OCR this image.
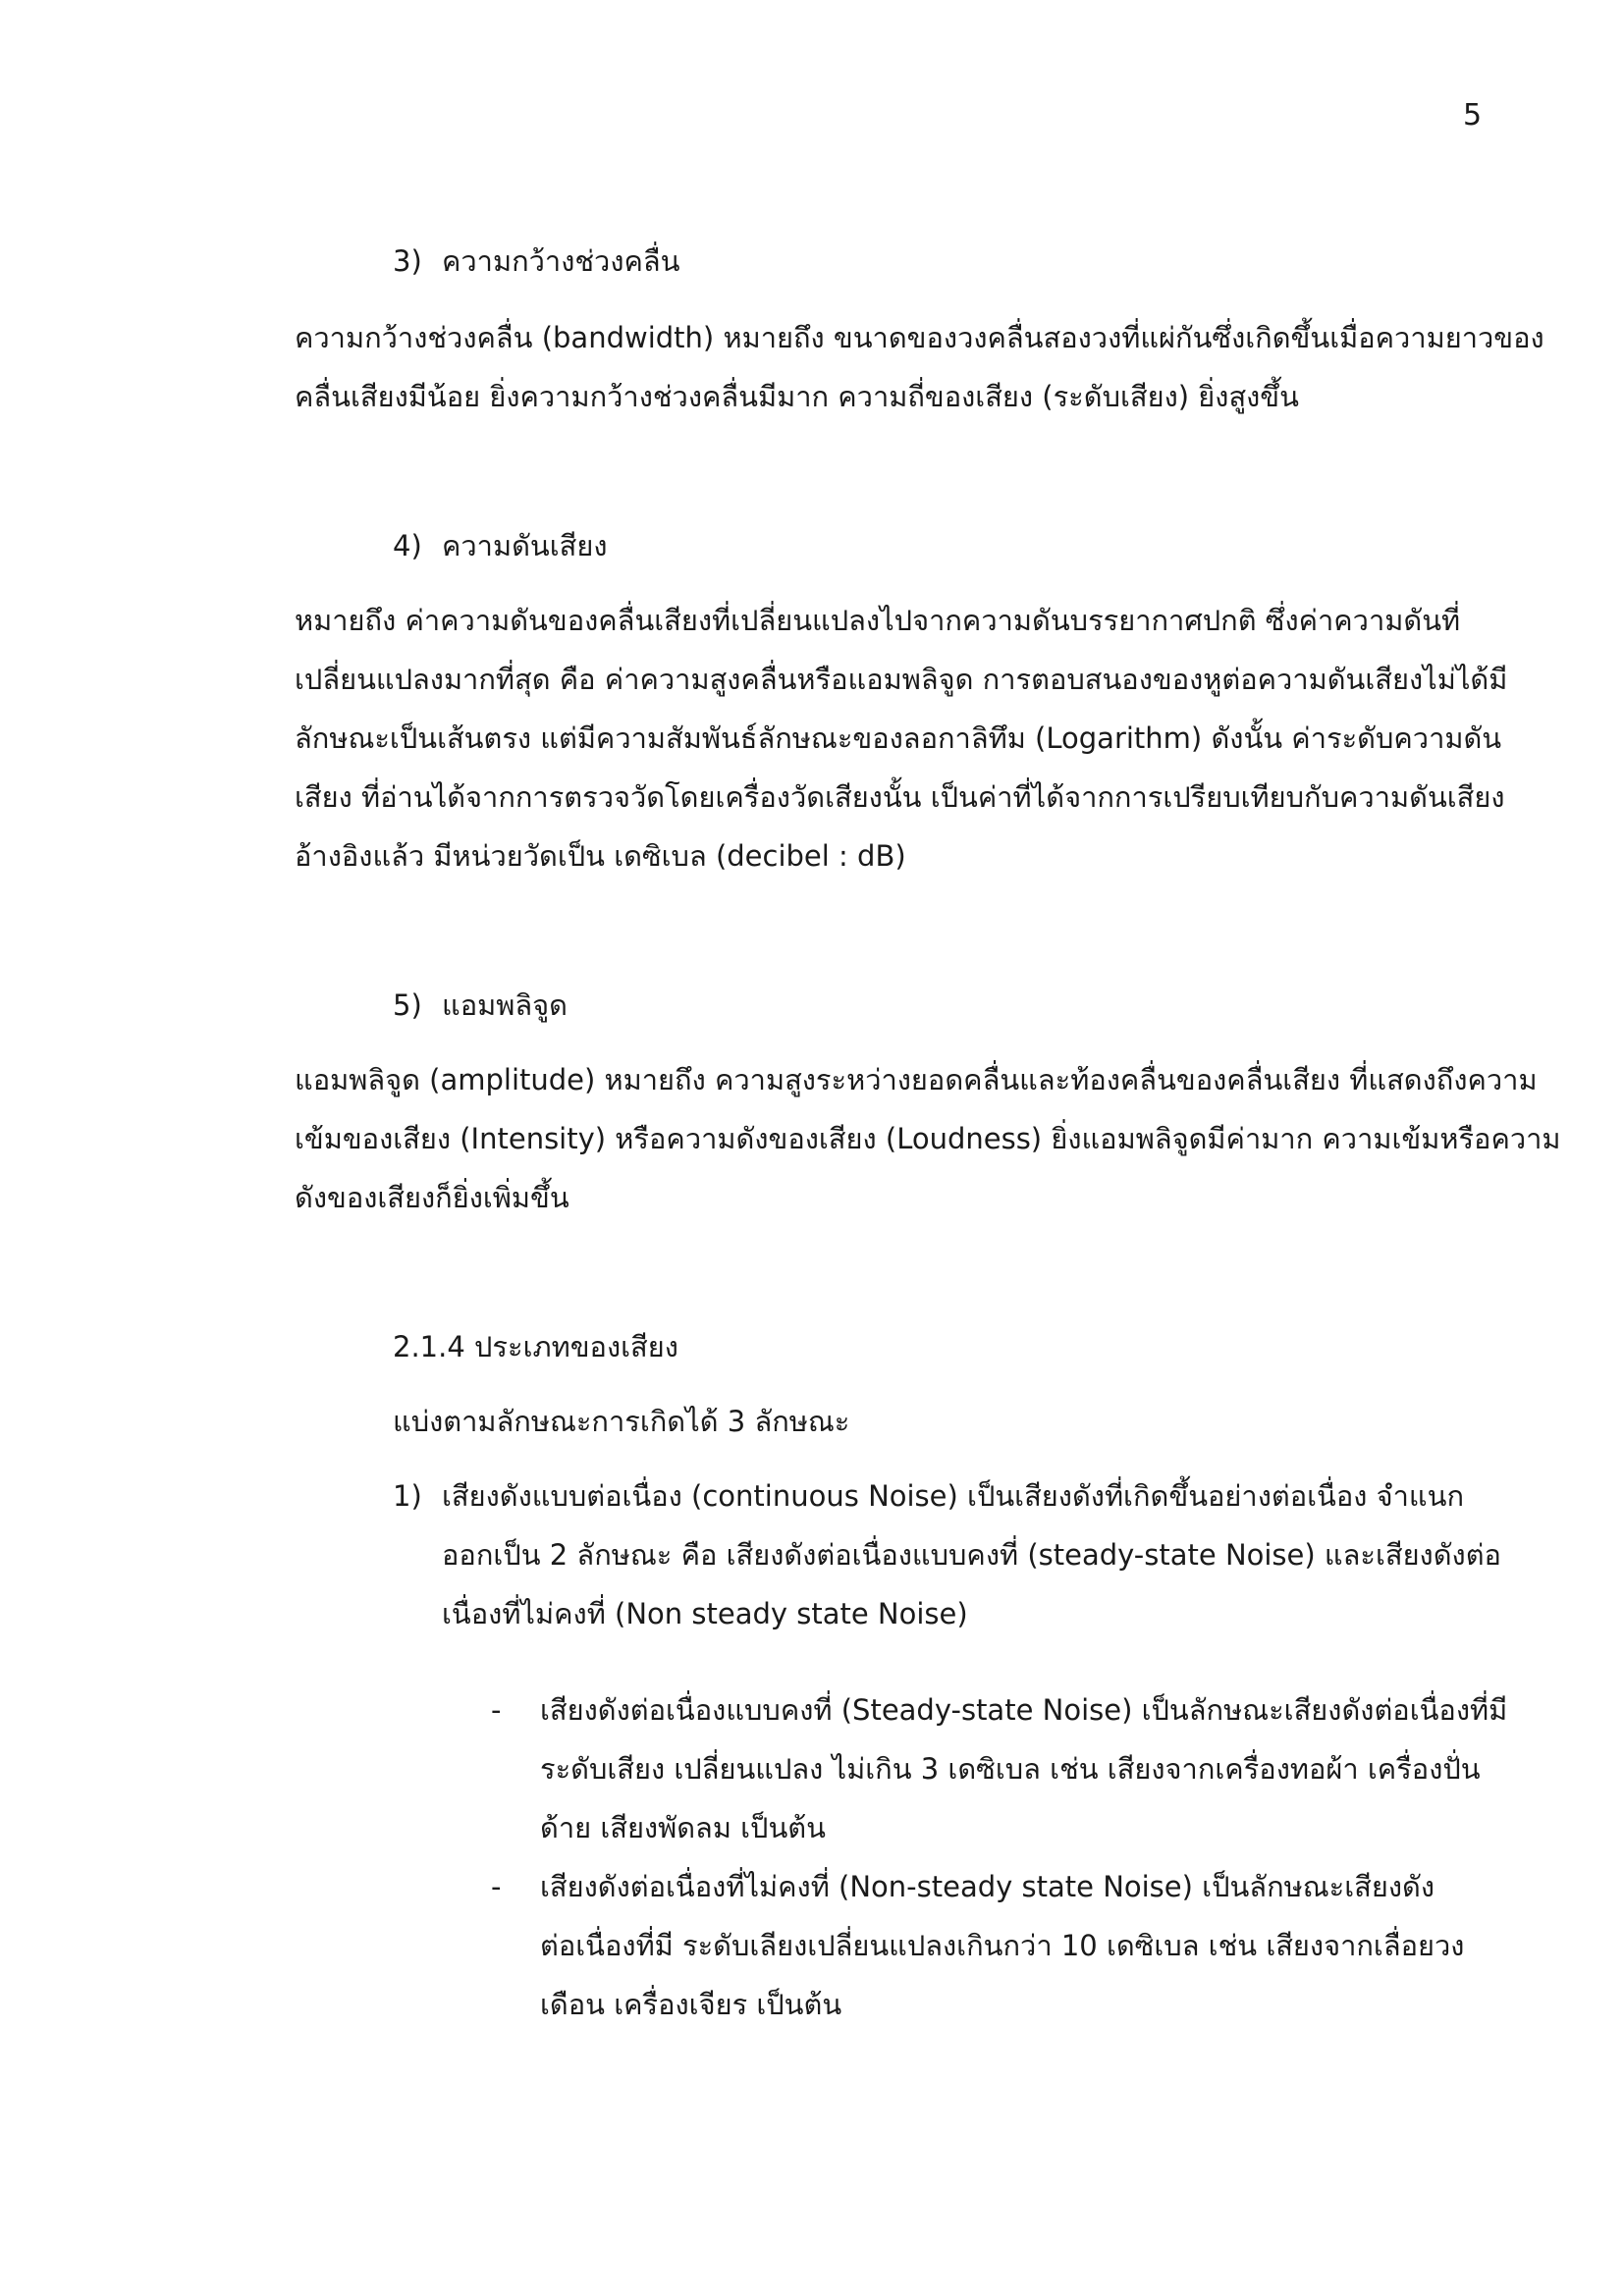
5
3) ความกว้างช่วงคลื่น
ความกว้างช่วงคลื่น (bandwidth) หมายถึง ขนาดของวงคลื่นสองวงที่แผ่กันซึ่งเกิดขึ้นเมื่อความยาวของ
คลื่นเสียงมีน้อย ยิ่งความกว้างช่วงคลื่นมีมาก ความถี่ของเสียง (ระดับเสียง) ยิ่งสูงขึ้น
4) ความดันเสียง
หมายถึง ค่าความดันของคลื่นเสียงที่เปลี่ยนแปลงไปจากความดันบรรยากาศปกติ ซึ่งค่าความดันที่
เปลี่ยนแปลงมากที่สุด คือ ค่าความสูงคลื่นหรือแอมพลิจูด การตอบสนองของหูต่อความดันเสียงไม่ได้มี
ลักษณะเป็นเส้นตรง แต่มีความสัมพันธ์ลักษณะของลอกาลิทึม (Logarithm) ดังนั้น ค่าระดับความดัน
เสียง ที่อ่านได้จากการตรวจวัดโดยเครื่องวัดเสียงนั้น เป็นค่าที่ได้จากการเปรียบเทียบกับความดันเสียง
อ้างอิงแล้ว มีหน่วยวัดเป็น เดซิเบล (decibel : dB)
5) แอมพลิจูด
แอมพลิจูด (amplitude) หมายถึง ความสูงระหว่างยอดคลื่นและท้องคลื่นของคลื่นเสียง ที่แสดงถึงความ
เข้มของเสียง (Intensity) หรือความดังของเสียง (Loudness) ยิ่งแอมพลิจูดมีค่ามาก ความเข้มหรือความ
ดังของเสียงก็ยิ่งเพิ่มขึ้น
2.1.4 ประเภทของเสียง
แบ่งตามลักษณะการเกิดได้ 3 ลักษณะ
1) เสียงดังแบบต่อเนื่อง (continuous Noise) เป็นเสียงดังที่เกิดขึ้นอย่างต่อเนื่อง จำแนก
ออกเป็น 2 ลักษณะ คือ เสียงดังต่อเนื่องแบบคงที่ (steady-state Noise) และเสียงดังต่อ
เนื่องที่ไม่คงที่ (Non steady state Noise)
- เสียงดังต่อเนื่องแบบคงที่ (Steady-state Noise) เป็นลักษณะเสียงดังต่อเนื่องที่มี
ระดับเสียง เปลี่ยนแปลง ไม่เกิน 3 เดซิเบล เช่น เสียงจากเครื่องทอผ้า เครื่องปั่น
ด้าย เสียงพัดลม เป็นต้น
- เสียงดังต่อเนื่องที่ไม่คงที่ (Non-steady state Noise) เป็นลักษณะเสียงดัง
ต่อเนื่องที่มี ระดับเลียงเปลี่ยนแปลงเกินกว่า 10 เดซิเบล เช่น เสียงจากเลื่อยวง
เดือน เครื่องเจียร เป็นต้น
